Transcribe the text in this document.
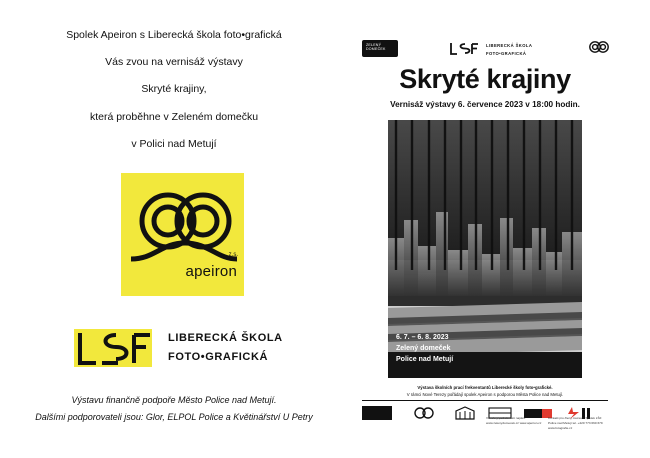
Spolek Apeiron s Liberecká škola foto•grafická

Vás zvou na vernisáž výstavy

Skryté krajiny,

která proběhne v Zeleném domečku

v Polici nad Metují

z.s.
apeiron
LIBERECKÁ ŠKOLA
FOTO•GRAFICKÁ
Výstavu finančně podpoře Město Police nad Metují.
Dalšími podporovateli jsou: Glor, ELPOL Police a Květinářství U Petry
ZELENÝ
DOMEČEK
LIBERECKÁ ŠKOLA
FOTO•GRAFICKÁ
Skryté krajiny
Vernisáž výstavy 6. července 2023 v 18:00 hodin.
6. 7. – 6. 8. 2023
Zelený domeček
Police nad Metují
Výstava školních prací frekventantů Liberecké školy foto•grafické.
V rámci Nové Terezy pořádají spolek Apeiron s podporou Města Police nad Metují.
Všechny podrobnosti najdeš: www.zelenydomecek.cz www.apeiron.cz
Kontakt pro členy muzeum Spolek LŠF Police nad Metují tel. +420 773 660 679 www.fotografie.cz
